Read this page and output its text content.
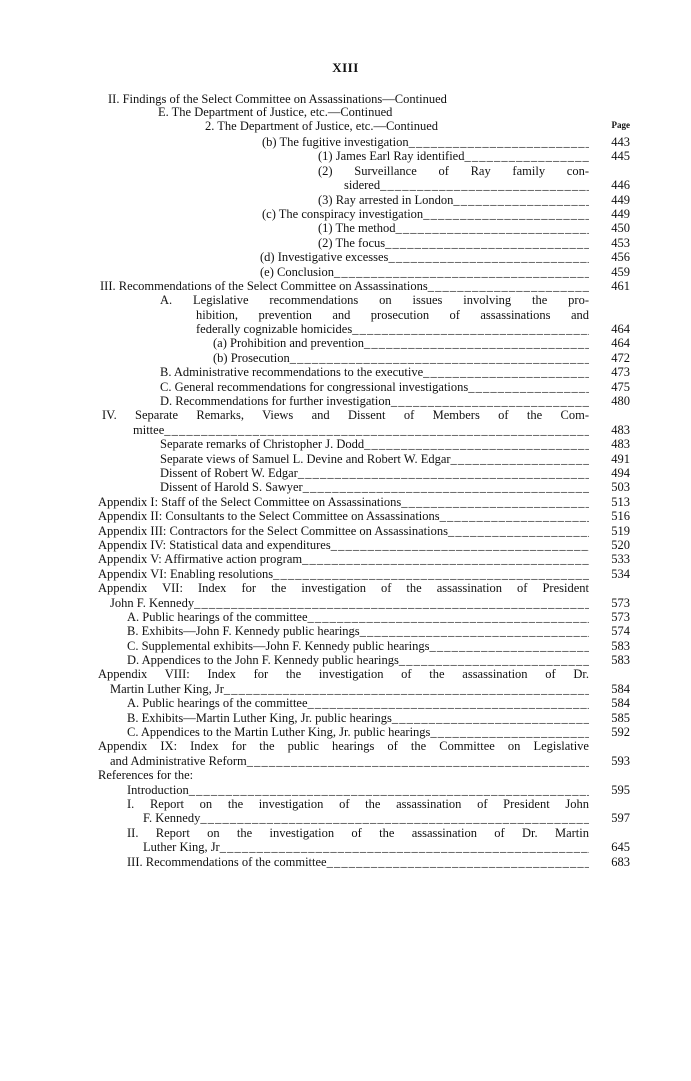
XIII
II. Findings of the Select Committee on Assassinations—Continued
E. The Department of Justice, etc.—Continued
2. The Department of Justice, etc.—Continued	Page
(b) The fugitive investigation _ _ _	443
(1) James Earl Ray identified _ _ _	445
(2) Surveillance of Ray family con-
sidered _ _ _	446
(3) Ray arrested in London _ _ _	449
(c) The conspiracy investigation _ _ _	449
(1) The method _ _ _	450
(2) The focus _ _ _	453
(d) Investigative excesses _ _ _	456
(e) Conclusion _ _ _	459
III. Recommendations of the Select Committee on Assassinations _ _ _	461
A. Legislative recommendations on issues involving the pro-
hibition, prevention and prosecution of assassinations and
federally cognizable homicides _ _ _	464
(a) Prohibition and prevention _ _ _	464
(b) Prosecution _ _ _	472
B. Administrative recommendations to the executive _ _ _	473
C. General recommendations for congressional investigations _ _ _	475
D. Recommendations for further investigation _ _ _	480
IV. Separate Remarks, Views and Dissent of Members of the Com-
mittee _ _ _	483
Separate remarks of Christopher J. Dodd _ _ _	483
Separate views of Samuel L. Devine and Robert W. Edgar _ _ _	491
Dissent of Robert W. Edgar _ _ _	494
Dissent of Harold S. Sawyer _ _ _	503
Appendix I: Staff of the Select Committee on Assassinations _ _ _	513
Appendix II: Consultants to the Select Committee on Assassinations _ _ _	516
Appendix III: Contractors for the Select Committee on Assassinations _ _ _	519
Appendix IV: Statistical data and expenditures _ _ _	520
Appendix V: Affirmative action program _ _ _	533
Appendix VI: Enabling resolutions _ _ _	534
Appendix VII: Index for the investigation of the assassination of President
John F. Kennedy _ _ _	573
A. Public hearings of the committee _ _ _	573
B. Exhibits—John F. Kennedy public hearings _ _ _	574
C. Supplemental exhibits—John F. Kennedy public hearings _ _ _	583
D. Appendices to the John F. Kennedy public hearings _ _ _	583
Appendix VIII: Index for the investigation of the assassination of Dr.
Martin Luther King, Jr _ _ _	584
A. Public hearings of the committee _ _ _	584
B. Exhibits—Martin Luther King, Jr. public hearings _ _ _	585
C. Appendices to the Martin Luther King, Jr. public hearings _ _ _	592
Appendix IX: Index for the public hearings of the Committee on Legislative
and Administrative Reform _ _ _	593
References for the:
Introduction _ _ _	595
I. Report on the investigation of the assassination of President John
F. Kennedy _ _ _	597
II. Report on the investigation of the assassination of Dr. Martin
Luther King, Jr _ _ _	645
III. Recommendations of the committee _ _ _	683
